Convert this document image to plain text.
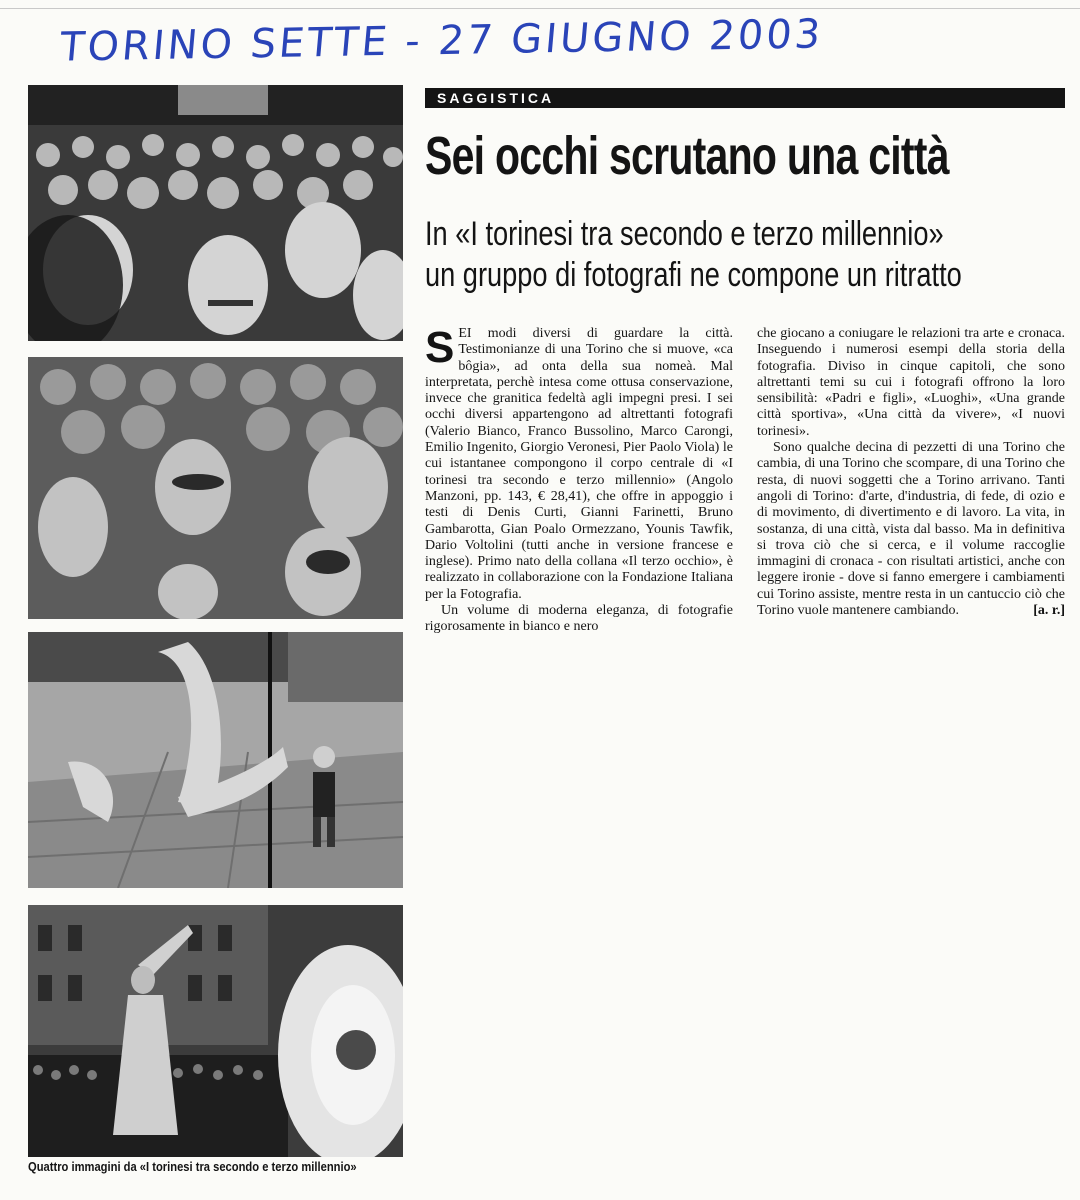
TORINO SETTE - 27 GIUGNO 2003
Quattro immagini da «I torinesi tra secondo e terzo millennio»
SAGGISTICA
Sei occhi scrutano una città
In «I torinesi tra secondo e terzo millennio»
un gruppo di fotografi ne compone un ritratto

SEI modi diversi di guardare la città. Testimonianze di una Torino che si muove, «ca bôgia», ad onta della sua nomeà. Mal interpretata, perchè intesa come ottusa conservazione, invece che granitica fedeltà agli impegni presi. I sei occhi diversi appartengono ad altrettanti fotografi (Valerio Bianco, Franco Bussolino, Marco Carongi, Emilio Ingenito, Giorgio Veronesi, Pier Paolo Viola) le cui istantanee compongono il corpo centrale di «I torinesi tra secondo e terzo millennio» (Angolo Manzoni, pp. 143, € 28,41), che offre in appoggio i testi di Denis Curti, Gianni Farinetti, Bruno Gambarotta, Gian Poalo Ormezzano, Younis Tawfik, Dario Voltolini (tutti anche in versione francese e inglese). Primo nato della collana «Il terzo occhio», è realizzato in collaborazione con la Fondazione Italiana per la Fotografia.

Un volume di moderna eleganza, di fotografie rigorosamente in bianco e nero

che giocano a coniugare le relazioni tra arte e cronaca. Inseguendo i numerosi esempi della storia della fotografia. Diviso in cinque capitoli, che sono altrettanti temi su cui i fotografi offrono la loro sensibilità: «Padri e figli», «Luoghi», «Una grande città sportiva», «Una città da vivere», «I nuovi torinesi».

Sono qualche decina di pezzetti di una Torino che cambia, di una Torino che scompare, di una Torino che resta, di nuovi soggetti che a Torino arrivano. Tanti angoli di Torino: d'arte, d'industria, di fede, di ozio e di movimento, di divertimento e di lavoro. La vita, in sostanza, di una città, vista dal basso. Ma in definitiva si trova ciò che si cerca, e il volume raccoglie immagini di cronaca - con risultati artistici, anche con leggere ironie - dove si fanno emergere i cambiamenti cui Torino assiste, mentre resta in un cantuccio ciò che Torino vuole mantenere cambiando.	[a. r.]
